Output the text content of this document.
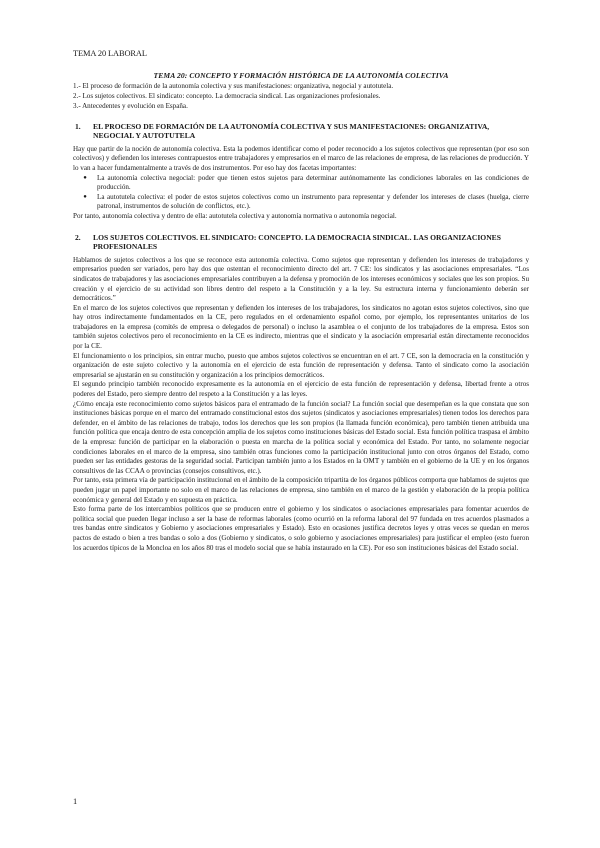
TEMA 20 LABORAL

TEMA 20: CONCEPTO Y FORMACIÓN HISTÓRICA DE LA AUTONOMÍA COLECTIVA

1.- El proceso de formación de la autonomía colectiva y sus manifestaciones: organizativa, negocial y autotutela.

2.- Los sujetos colectivos. El sindicato: concepto. La democracia sindical. Las organizaciones profesionales.

3.- Antecedentes y evolución en España.

1.	EL PROCESO DE FORMACIÓN DE LA AUTONOMÍA COLECTIVA Y SUS MANIFESTACIONES: ORGANIZATIVA, NEGOCIAL Y AUTOTUTELA

Hay que partir de la noción de autonomía colectiva. Esta la podemos identificar como el poder reconocido a los sujetos colectivos que representan (por eso son colectivos) y defienden los intereses contrapuestos entre trabajadores y empresarios en el marco de las relaciones de empresa, de las relaciones de producción. Y lo van a hacer fundamentalmente a través de dos instrumentos. Por eso hay dos facetas importantes:

●	La autonomía colectiva negocial: poder que tienen estos sujetos para determinar autónomamente las condiciones laborales en las condiciones de producción.
●	La autotutela colectiva: el poder de estos sujetos colectivos como un instrumento para representar y defender los intereses de clases (huelga, cierre patronal, instrumentos de solución de conflictos, etc.).

Por tanto, autonomía colectiva y dentro de ella: autotutela colectiva y autonomía normativa o autonomía negocial.

2.	LOS SUJETOS COLECTIVOS. EL SINDICATO: CONCEPTO. LA DEMOCRACIA SINDICAL. LAS ORGANIZACIONES PROFESIONALES

Hablamos de sujetos colectivos a los que se reconoce esta autonomía colectiva. Como sujetos que representan y defienden los intereses de trabajadores y empresarios pueden ser variados, pero hay dos que ostentan el reconocimiento directo del art. 7 CE: los sindicatos y las asociaciones empresariales. “Los sindicatos de trabajadores y las asociaciones empresariales contribuyen a la defensa y promoción de los intereses económicos y sociales que les son propios. Su creación y el ejercicio de su actividad son libres dentro del respeto a la Constitución y a la ley. Su estructura interna y funcionamiento deberán ser democráticos.”

En el marco de los sujetos colectivos que representan y defienden los intereses de los trabajadores, los sindicatos no agotan estos sujetos colectivos, sino que hay otros indirectamente fundamentados en la CE, pero regulados en el ordenamiento español como, por ejemplo, los representantes unitarios de los trabajadores en la empresa (comités de empresa o delegados de personal) o incluso la asamblea o el conjunto de los trabajadores de la empresa. Estos son también sujetos colectivos pero el reconocimiento en la CE es indirecto, mientras que el sindicato y la asociación empresarial están directamente reconocidos por la CE.

El funcionamiento o los principios, sin entrar mucho, puesto que ambos sujetos colectivos se encuentran en el art. 7 CE, son la democracia en la constitución y organización de este sujeto colectivo y la autonomía en el ejercicio de esta función de representación y defensa. Tanto el sindicato como la asociación empresarial se ajustarán en su constitución y organización a los principios democráticos.

El segundo principio también reconocido expresamente es la autonomía en el ejercicio de esta función de representación y defensa, libertad frente a otros poderes del Estado, pero siempre dentro del respeto a la Constitución y a las leyes.

¿Cómo encaja este reconocimiento como sujetos básicos para el entramado de la función social? La función social que desempeñan es la que constata que son instituciones básicas porque en el marco del entramado constitucional estos dos sujetos (sindicatos y asociaciones empresariales) tienen todos los derechos para defender, en el ámbito de las relaciones de trabajo, todos los derechos que les son propios (la llamada función económica), pero también tienen atribuida una función política que encaja dentro de esta concepción amplia de los sujetos como instituciones básicas del Estado social. Esta función política traspasa el ámbito de la empresa: función de participar en la elaboración o puesta en marcha de la política social y económica del Estado. Por tanto, no solamente negociar condiciones laborales en el marco de la empresa, sino también otras funciones como la participación institucional junto con otros órganos del Estado, como pueden ser las entidades gestoras de la seguridad social. Participan también junto a los Estados en la OMT y también en el gobierno de la UE y en los órganos consultivos de las CCAA o provincias (consejos consultivos, etc.).

Por tanto, esta primera vía de participación institucional en el ámbito de la composición tripartita de los órganos públicos comporta que hablamos de sujetos que pueden jugar un papel importante no solo en el marco de las relaciones de empresa, sino también en el marco de la gestión y elaboración de la propia política económica y general del Estado y en supuesta en práctica.

Esto forma parte de los intercambios políticos que se producen entre el gobierno y los sindicatos o asociaciones empresariales para fomentar acuerdos de política social que pueden llegar incluso a ser la base de reformas laborales (como ocurrió en la reforma laboral del 97 fundada en tres acuerdos plasmados a tres bandas entre sindicatos y Gobierno y asociaciones empresariales y Estado). Esto en ocasiones justifica decretos leyes y otras veces se quedan en meros pactos de estado o bien a tres bandas o solo a dos (Gobierno y sindicatos, o solo gobierno y asociaciones empresariales) para justificar el empleo (esto fueron los acuerdos típicos de la Moncloa en los años 80 tras el modelo social que se había instaurado en la CE). Por eso son instituciones básicas del Estado social.

1
